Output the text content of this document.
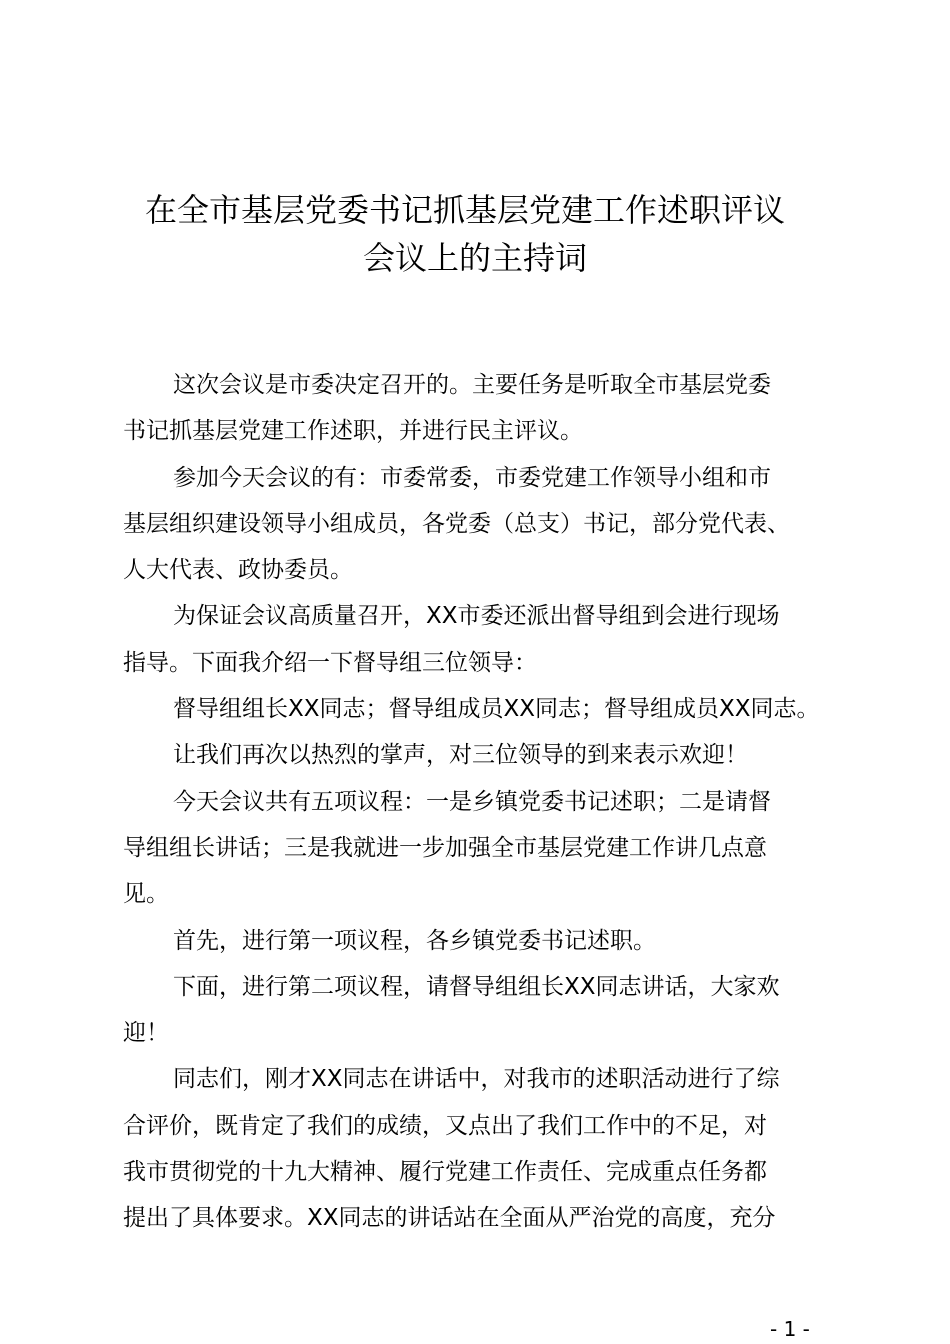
在全市基层党委书记抓基层党建工作述职评议
会议上的主持词

这次会议是市委决定召开的。主要任务是听取全市基层党委
书记抓基层党建工作述职，并进行民主评议。

参加今天会议的有：市委常委，市委党建工作领导小组和市
基层组织建设领导小组成员，各党委（总支）书记，部分党代表、
人大代表、政协委员。

为保证会议高质量召开，XX市委还派出督导组到会进行现场
指导。下面我介绍一下督导组三位领导：

督导组组长XX同志；督导组成员XX同志；督导组成员XX同志。

让我们再次以热烈的掌声，对三位领导的到来表示欢迎！

今天会议共有五项议程：一是乡镇党委书记述职；二是请督
导组组长讲话；三是我就进一步加强全市基层党建工作讲几点意
见。

首先，进行第一项议程，各乡镇党委书记述职。

下面，进行第二项议程，请督导组组长XX同志讲话，大家欢
迎！

同志们，刚才XX同志在讲话中，对我市的述职活动进行了综
合评价，既肯定了我们的成绩，又点出了我们工作中的不足，对
我市贯彻党的十九大精神、履行党建工作责任、完成重点任务都
提出了具体要求。XX同志的讲话站在全面从严治党的高度，充分

- 1 -
